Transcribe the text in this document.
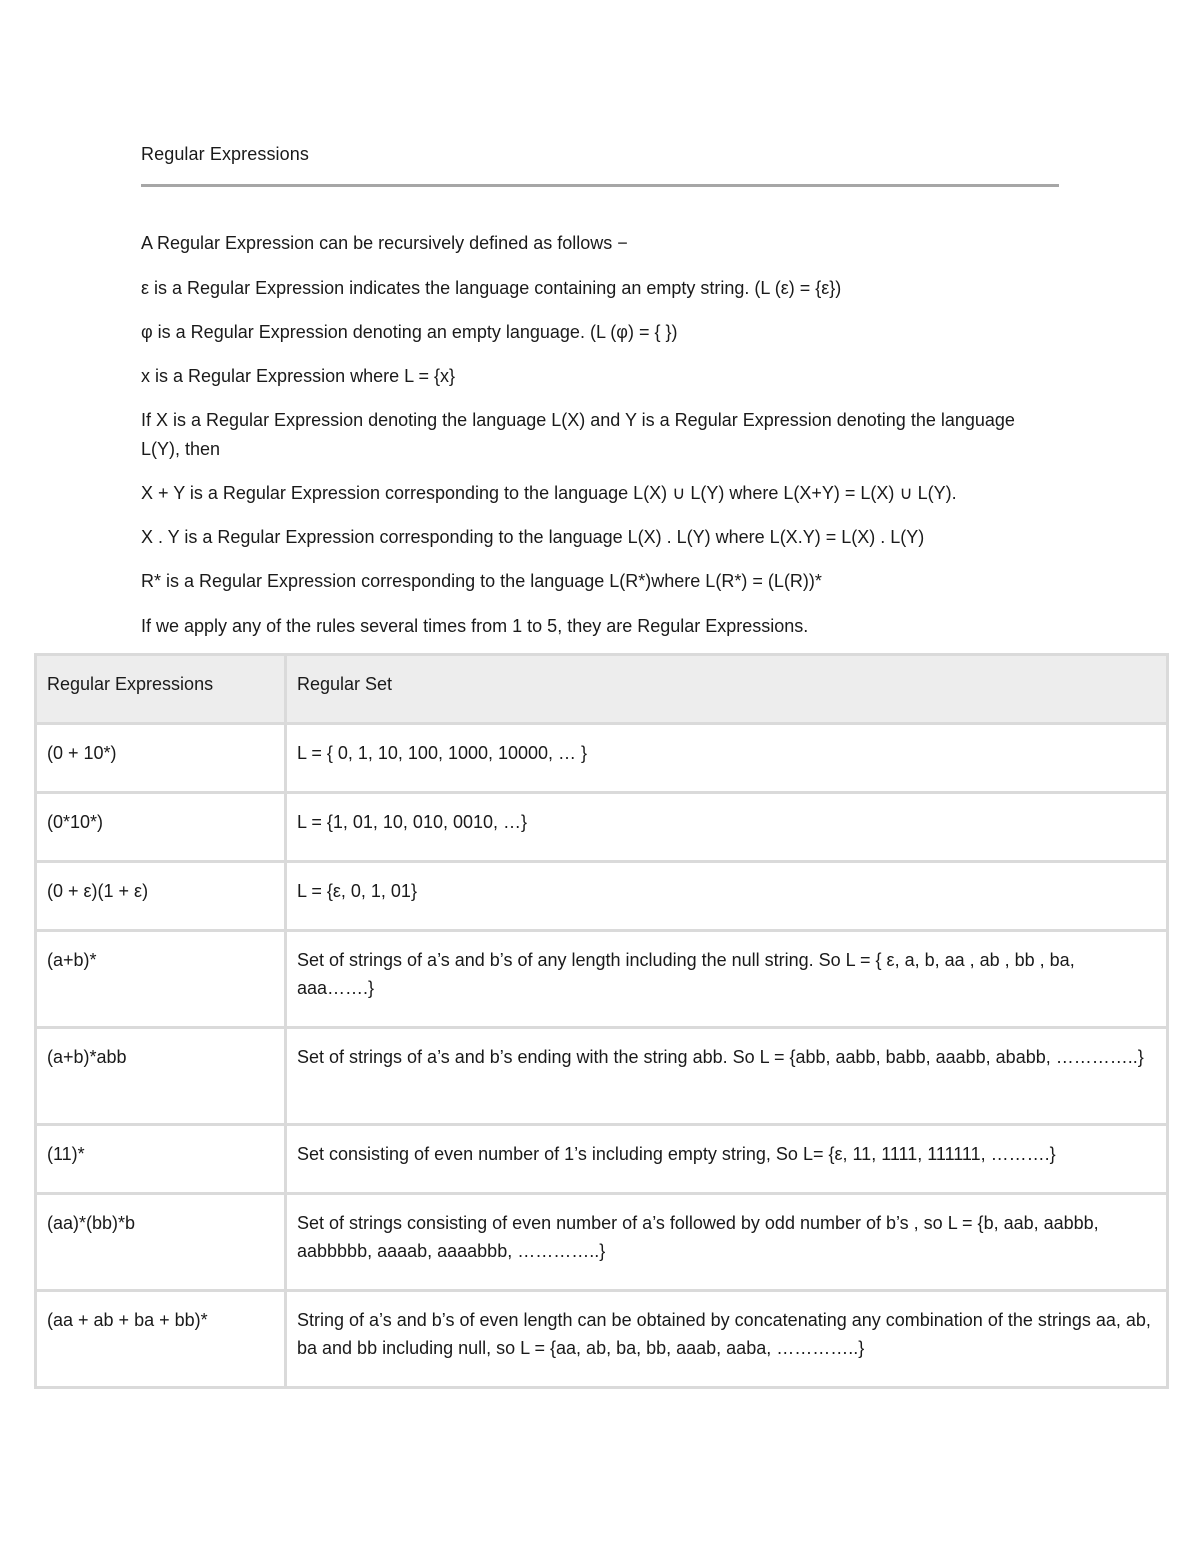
Regular Expressions

A Regular Expression can be recursively defined as follows −

ε is a Regular Expression indicates the language containing an empty string. (L (ε) = {ε})

φ is a Regular Expression denoting an empty language. (L (φ) = { })

x is a Regular Expression where L = {x}

If X is a Regular Expression denoting the language L(X) and Y is a Regular Expression denoting the language L(Y), then

X + Y is a Regular Expression corresponding to the language L(X) ∪ L(Y) where L(X+Y) = L(X) ∪ L(Y).

X . Y is a Regular Expression corresponding to the language L(X) . L(Y) where L(X.Y) = L(X) . L(Y)

R* is a Regular Expression corresponding to the language L(R*)where L(R*) = (L(R))*

If we apply any of the rules several times from 1 to 5, they are Regular Expressions.

Regular Expressions	Regular Set
(0 + 10*)	L = { 0, 1, 10, 100, 1000, 10000, … }
(0*10*)	L = {1, 01, 10, 010, 0010, …}
(0 + ε)(1 + ε)	L = {ε, 0, 1, 01}
(a+b)*	Set of strings of a’s and b’s of any length including the null string. So L = { ε, a, b, aa , ab , bb , ba, aaa…….}
(a+b)*abb	Set of strings of a’s and b’s ending with the string abb. So L = {abb, aabb, babb, aaabb, ababb, …………..}
(11)*	Set consisting of even number of 1’s including empty string, So L= {ε, 11, 1111, 111111, ……….}
(aa)*(bb)*b	Set of strings consisting of even number of a’s followed by odd number of b’s , so L = {b, aab, aabbb, aabbbbb, aaaab, aaaabbb, …………..}
(aa + ab + ba + bb)*	String of a’s and b’s of even length can be obtained by concatenating any combination of the strings aa, ab, ba and bb including null, so L = {aa, ab, ba, bb, aaab, aaba, …………..}
